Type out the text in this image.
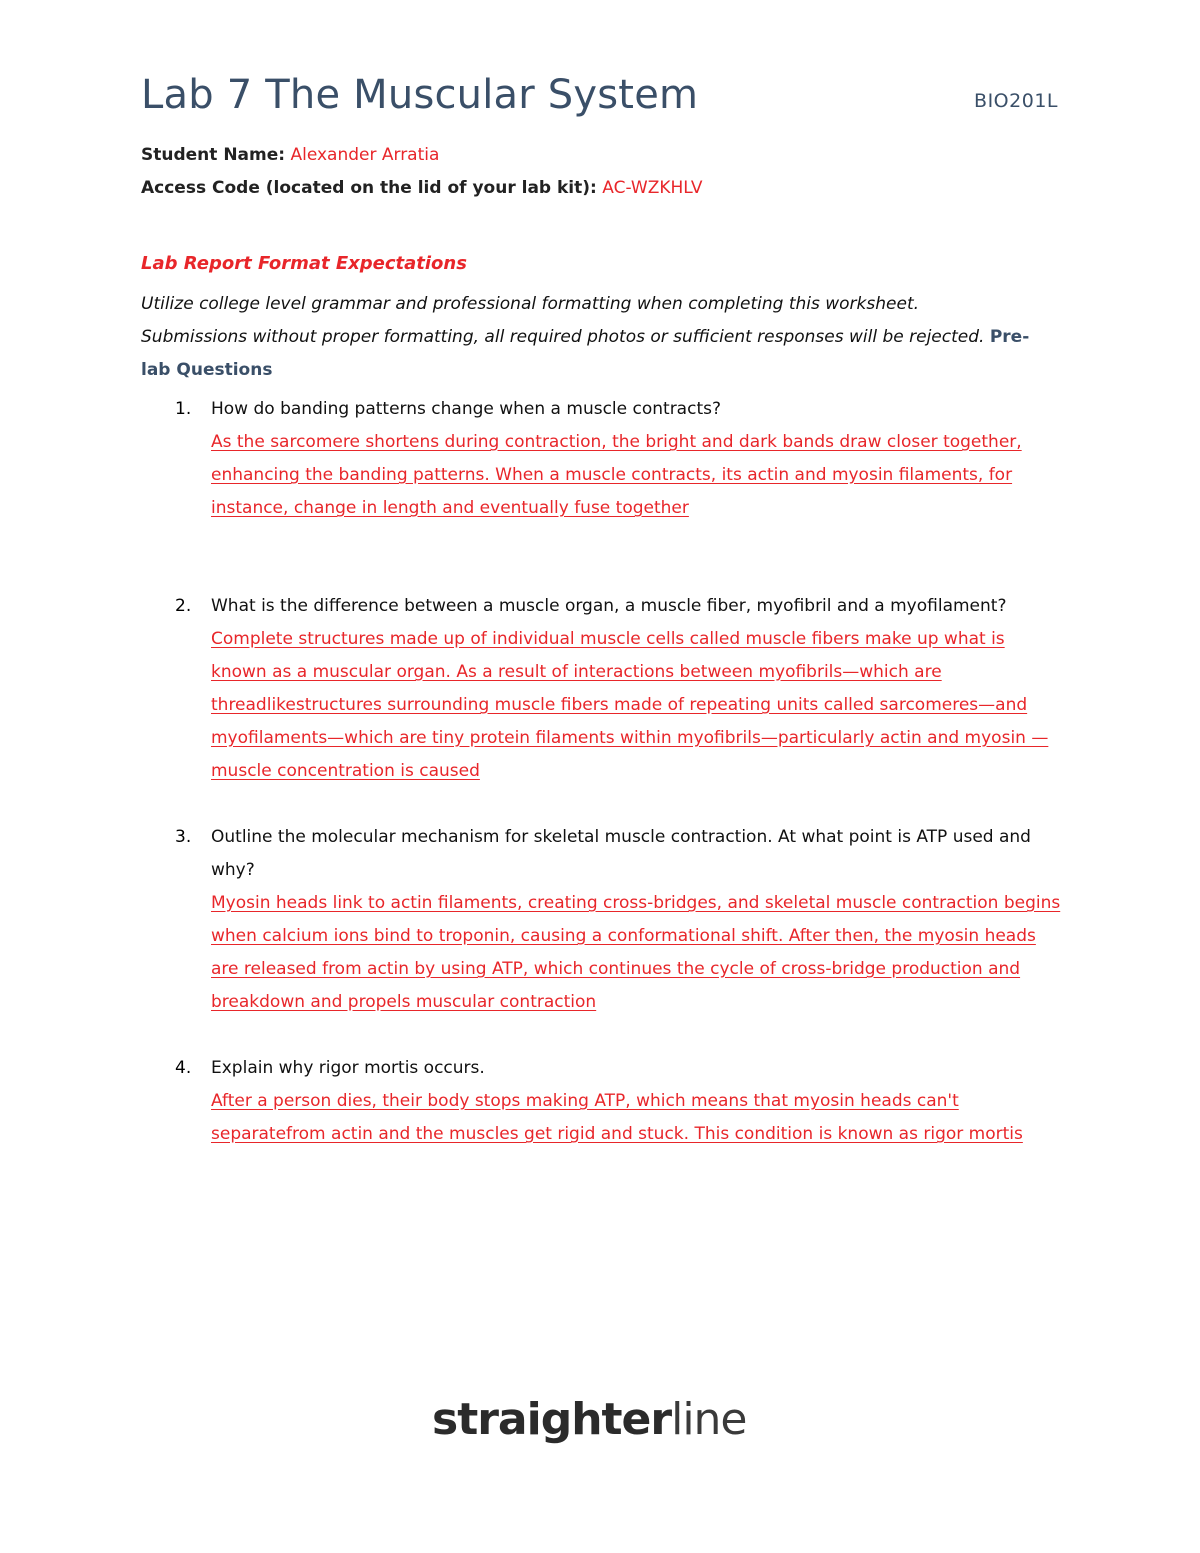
Lab 7 The Muscular System	BIO201L
Student Name: Alexander Arratia
Access Code (located on the lid of your lab kit): AC-WZKHLV
Lab Report Format Expectations
Utilize college level grammar and professional formatting when completing this worksheet.
Submissions without proper formatting, all required photos or sufficient responses will be rejected. Pre-lab Questions
1. How do banding patterns change when a muscle contracts?
As the sarcomere shortens during contraction, the bright and dark bands draw closer together, enhancing the banding patterns. When a muscle contracts, its actin and myosin filaments, for instance, change in length and eventually fuse together
2. What is the difference between a muscle organ, a muscle fiber, myofibril and a myofilament?
Complete structures made up of individual muscle cells called muscle fibers make up what is known as a muscular organ. As a result of interactions between myofibrils—which are threadlikestructures surrounding muscle fibers made of repeating units called sarcomeres—and myofilaments—which are tiny protein filaments within myofibrils—particularly actin and myosin —muscle concentration is caused
3. Outline the molecular mechanism for skeletal muscle contraction. At what point is ATP used and why?
Myosin heads link to actin filaments, creating cross-bridges, and skeletal muscle contraction begins when calcium ions bind to troponin, causing a conformational shift. After then, the myosin heads are released from actin by using ATP, which continues the cycle of cross-bridge production and breakdown and propels muscular contraction
4. Explain why rigor mortis occurs.
After a person dies, their body stops making ATP, which means that myosin heads can't separatefrom actin and the muscles get rigid and stuck. This condition is known as rigor mortis
straighterline
